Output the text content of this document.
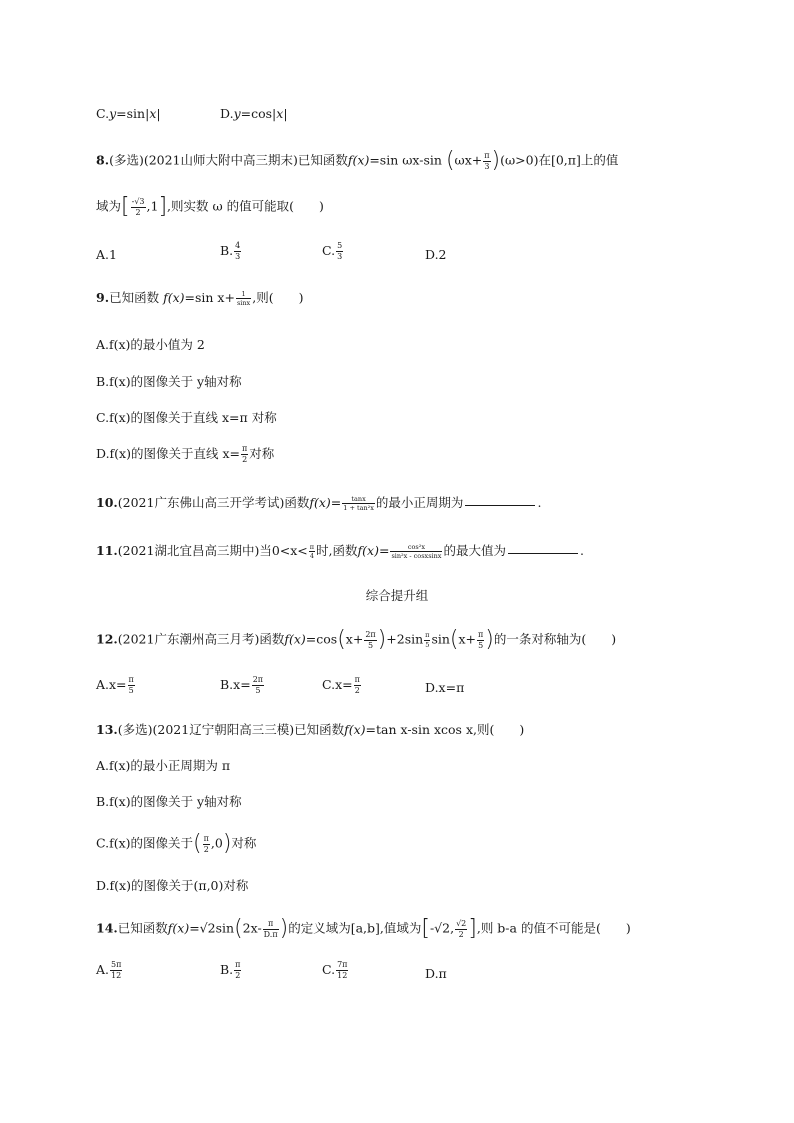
C.y=sin|x|	D.y=cos|x|
8.(多选)(2021山师大附中高三期末)已知函数f(x)=sin ωx-sin $(\omega x+ \frac{\pi}{3} )(\omega>0)$在[0,π]上的值
域为[ $\frac{-√3}{2} ,1$],则实数 ω 的值可能取(　　)
A.1	B. $\frac{4}{3}$	C. $\frac{5}{3}$	D.2
9.已知函数 f(x)=sin $x+ \frac{1}{\sin x}$ ,则(　　)
A.f(x)的最小值为 2
B.f(x)的图像关于 y轴对称
C.f(x)的图像关于直线 x=π 对称
D.f(x)的图像关于直线 $x= \frac{\pi}{2}$ 对称
10.(2021广东佛山高三开学考试)函数$f(x)= \frac{\tan x}{\text{1 + tan²x}}$ 的最小正周期为	.
11.(2021湖北宜昌高三期中)当$0<x< \frac{\pi}{4}$ 时,函数$f(x)= \frac{\text{cos²x}}{\text{sin²x - cosxsinx}}$ 的最大值为	.
综合提升组
12.(2021广东潮州高三月考)函数$f(x)=\cos(x+ \frac{2\pi}{5} )+2\sin \frac{\pi}{5} \sin(x+ \frac{\pi}{5}$ )的一条对称轴为(　　)
$A.x= \frac{\pi}{5}$	$B.x= \frac{2\pi}{5}$	$C.x= \frac{\pi}{2}$	D.x=π
13.(多选)(2021辽宁朝阳高三三模)已知函数f(x)=tan x-sin xcos x,则(　　)
A.f(x)的最小正周期为 π
B.f(x)的图像关于 y轴对称
C.f(x)的图像关于( $\frac{\pi}{2} ,0$)对称
D.f(x)的图像关于(π,0)对称
14.已知函数$f(x)=√2\sin(2x- \frac{\pi}{D.\pi}$ )的定义域为[a,b],值域为[-√2, $\frac{√2}{2}$ ],则 b-a 的值不可能是(　　)
A. $\frac{5\pi}{12}$	B. $\frac{\pi}{2}$	C. $\frac{7\pi}{12}$	D.π
